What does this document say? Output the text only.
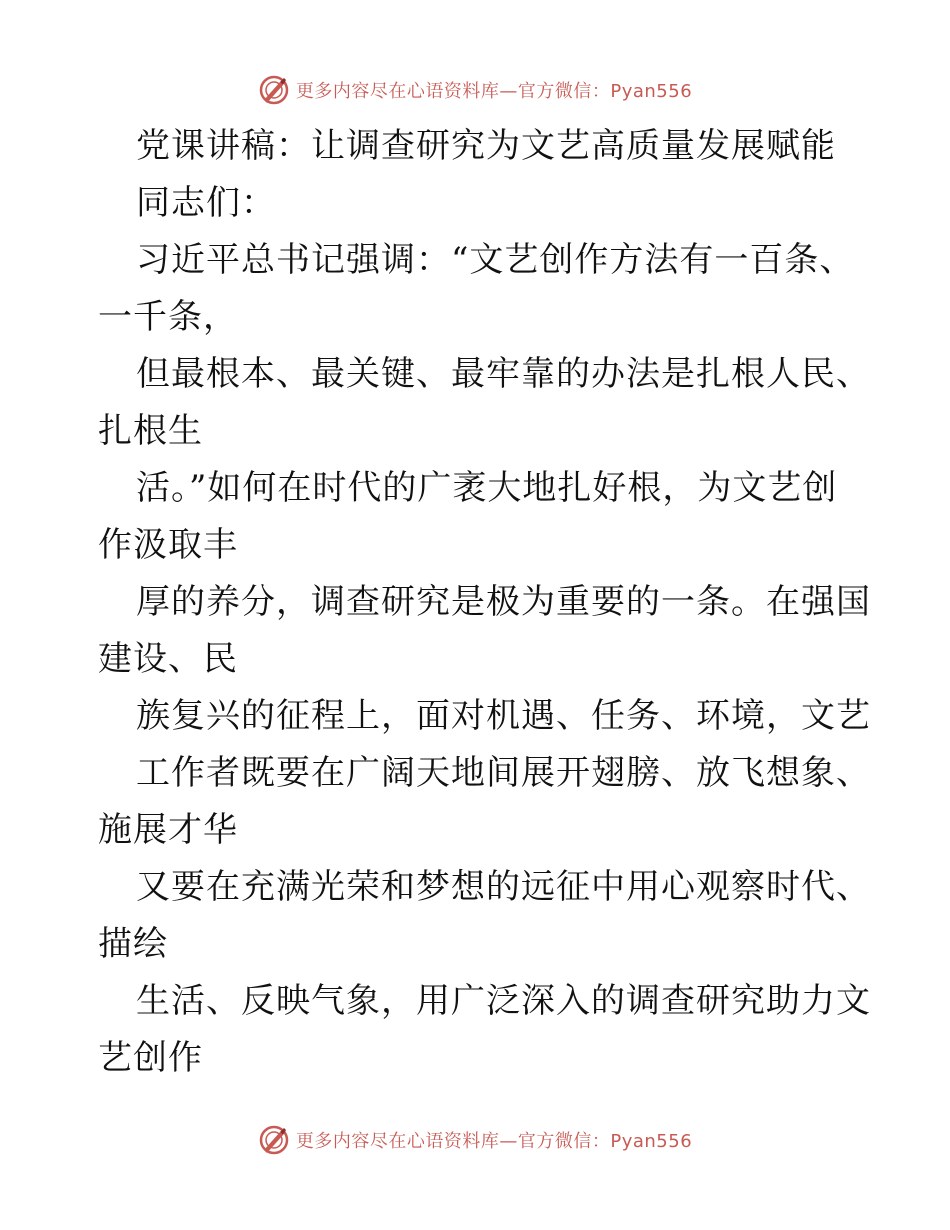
更多内容尽在心语资料库—官方微信：Pyan556
党课讲稿：让调查研究为文艺高质量发展赋能
同志们：
习近平总书记强调：“文艺创作方法有一百条、
一千条，
但最根本、最关键、最牢靠的办法是扎根人民、
扎根生
活。”如何在时代的广袤大地扎好根，为文艺创
作汲取丰
厚的养分，调查研究是极为重要的一条。在强国
建设、民
族复兴的征程上，面对机遇、任务、环境，文艺
工作者既要在广阔天地间展开翅膀、放飞想象、
施展才华
又要在充满光荣和梦想的远征中用心观察时代、
描绘
生活、反映气象，用广泛深入的调查研究助力文
艺创作
更多内容尽在心语资料库—官方微信：Pyan556
